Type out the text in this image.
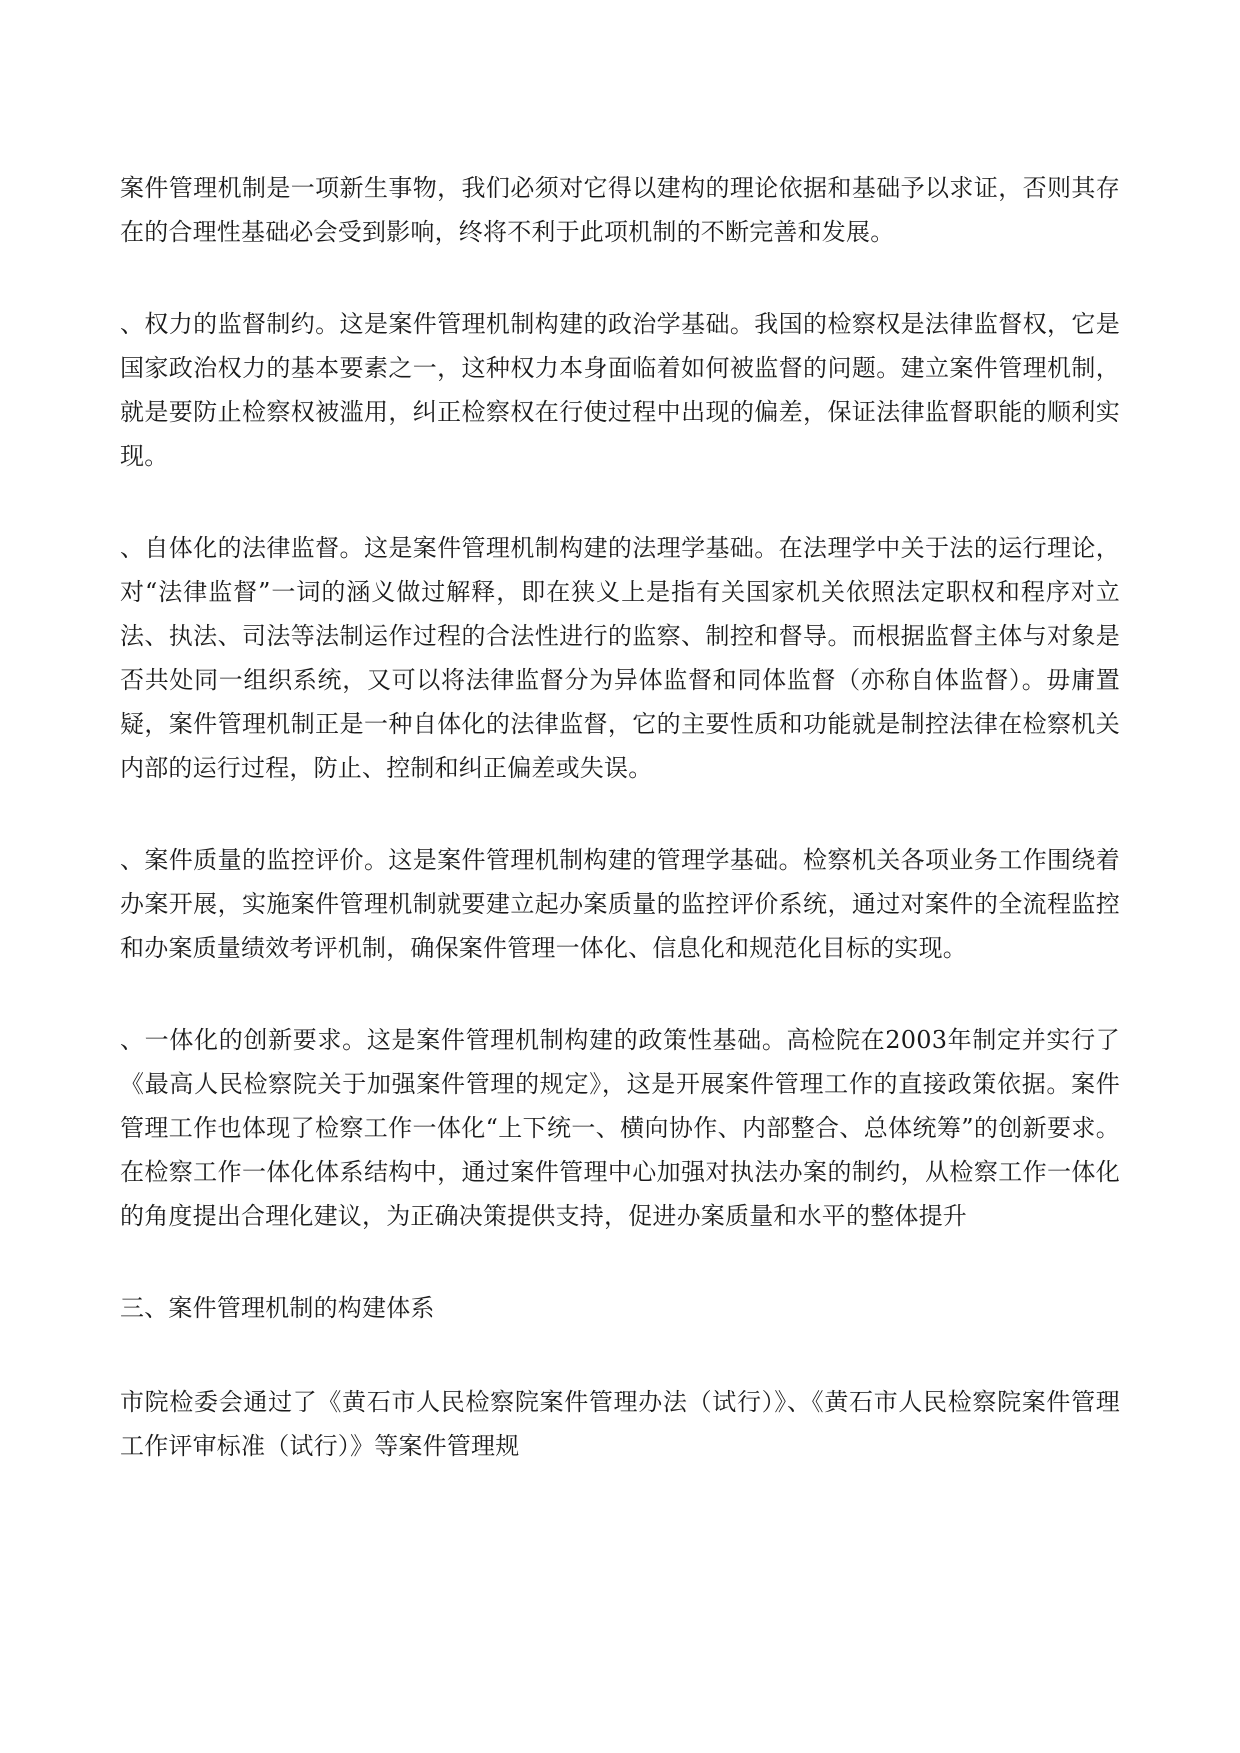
案件管理机制是一项新生事物，我们必须对它得以建构的理论依据和基础予以求证，否则其存在的合理性基础必会受到影响，终将不利于此项机制的不断完善和发展。

、权力的监督制约。这是案件管理机制构建的政治学基础。我国的检察权是法律监督权，它是国家政治权力的基本要素之一，这种权力本身面临着如何被监督的问题。建立案件管理机制，就是要防止检察权被滥用，纠正检察权在行使过程中出现的偏差，保证法律监督职能的顺利实现。

、自体化的法律监督。这是案件管理机制构建的法理学基础。在法理学中关于法的运行理论，对“法律监督”一词的涵义做过解释，即在狭义上是指有关国家机关依照法定职权和程序对立法、执法、司法等法制运作过程的合法性进行的监察、制控和督导。而根据监督主体与对象是否共处同一组织系统，又可以将法律监督分为异体监督和同体监督（亦称自体监督）。毋庸置疑，案件管理机制正是一种自体化的法律监督，它的主要性质和功能就是制控法律在检察机关内部的运行过程，防止、控制和纠正偏差或失误。

、案件质量的监控评价。这是案件管理机制构建的管理学基础。检察机关各项业务工作围绕着办案开展，实施案件管理机制就要建立起办案质量的监控评价系统，通过对案件的全流程监控和办案质量绩效考评机制，确保案件管理一体化、信息化和规范化目标的实现。

、一体化的创新要求。这是案件管理机制构建的政策性基础。高检院在2003年制定并实行了《最高人民检察院关于加强案件管理的规定》，这是开展案件管理工作的直接政策依据。案件管理工作也体现了检察工作一体化“上下统一、横向协作、内部整合、总体统筹”的创新要求。在检察工作一体化体系结构中，通过案件管理中心加强对执法办案的制约，从检察工作一体化的角度提出合理化建议，为正确决策提供支持，促进办案质量和水平的整体提升

三、案件管理机制的构建体系

市院检委会通过了《黄石市人民检察院案件管理办法（试行）》、《黄石市人民检察院案件管理工作评审标准（试行）》等案件管理规
